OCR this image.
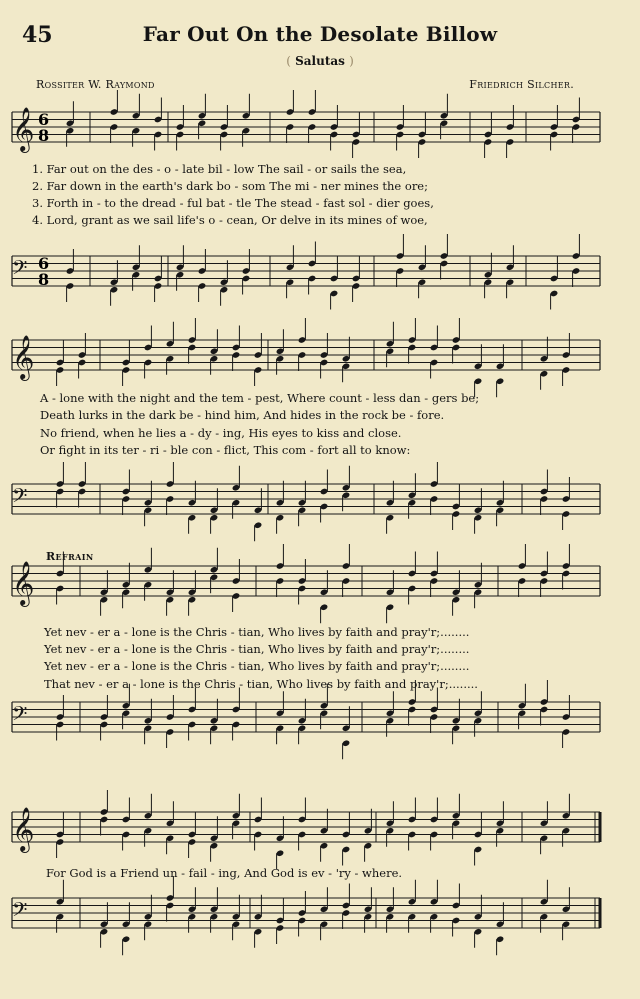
45	Far Out On the Desolate Billow
( Salutas )
Rossiter W. Raymond	Friedrich Silcher.
Refrain
𝄞
𝄢
𝄞
𝄢
𝄞
𝄢
𝄞
𝄢
6
8
6
8
1. Far out on the des - o - late bil - low The sail - or sails the sea,
2. Far down in the earth's dark bo - som The mi - ner mines the ore;
3. Forth in - to the dread - ful bat - tle The stead - fast sol - dier goes,
4. Lord, grant as we sail life's o - cean, Or delve in its mines of woe,
A - lone with the night and the tem - pest, Where count - less dan - gers be;
Death lurks in the dark be - hind him, And hides in the rock be - fore.
No friend, when he lies a - dy - ing, His eyes to kiss and close.
Or fight in its ter - ri - ble con - flict, This com - fort all to know:
Yet nev - er a - lone is the Chris - tian, Who lives by faith and pray'r;........
Yet nev - er a - lone is the Chris - tian, Who lives by faith and pray'r;........
Yet nev - er a - lone is the Chris - tian, Who lives by faith and pray'r;........
That nev - er a - lone is the Chris - tian, Who lives by faith and pray'r;........
For God is a Friend un - fail - ing, And God is ev - 'ry - where.
